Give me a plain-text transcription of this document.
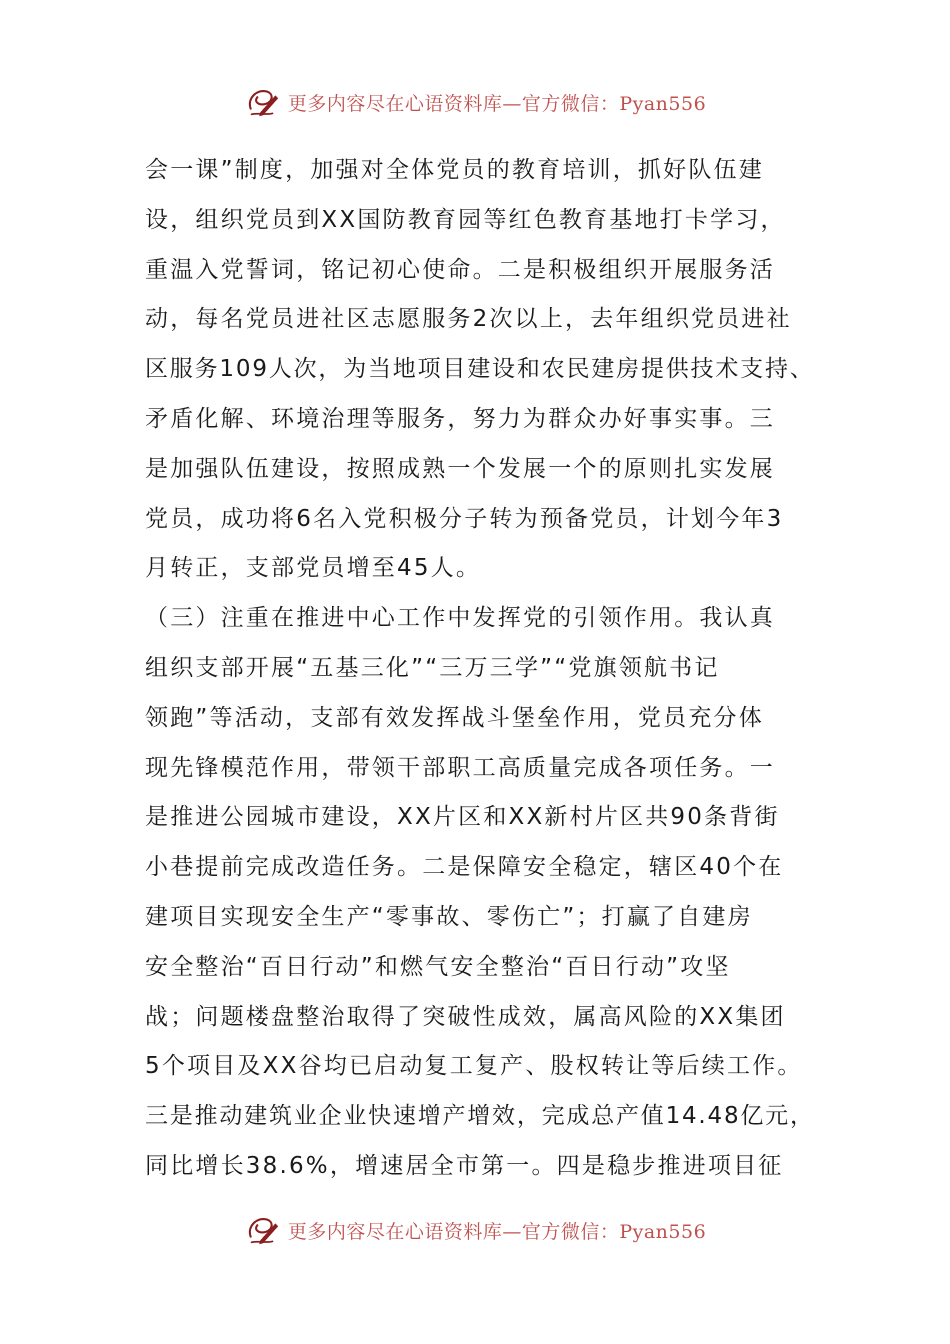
更多内容尽在心语资料库—官方微信：Pyan556
会一课”制度，加强对全体党员的教育培训，抓好队伍建
设，组织党员到XX国防教育园等红色教育基地打卡学习，
重温入党誓词，铭记初心使命。二是积极组织开展服务活
动，每名党员进社区志愿服务2次以上，去年组织党员进社
区服务109人次，为当地项目建设和农民建房提供技术支持、
矛盾化解、环境治理等服务，努力为群众办好事实事。三
是加强队伍建设，按照成熟一个发展一个的原则扎实发展
党员，成功将6名入党积极分子转为预备党员，计划今年3
月转正，支部党员增至45人。
（三）注重在推进中心工作中发挥党的引领作用。我认真
组织支部开展“五基三化”“三万三学”“党旗领航书记
领跑”等活动，支部有效发挥战斗堡垒作用，党员充分体
现先锋模范作用，带领干部职工高质量完成各项任务。一
是推进公园城市建设，XX片区和XX新村片区共90条背街
小巷提前完成改造任务。二是保障安全稳定，辖区40个在
建项目实现安全生产“零事故、零伤亡”；打赢了自建房
安全整治“百日行动”和燃气安全整治“百日行动”攻坚
战；问题楼盘整治取得了突破性成效，属高风险的XX集团
5个项目及XX谷均已启动复工复产、股权转让等后续工作。
三是推动建筑业企业快速增产增效，完成总产值14.48亿元，
同比增长38.6%，增速居全市第一。四是稳步推进项目征
更多内容尽在心语资料库—官方微信：Pyan556
